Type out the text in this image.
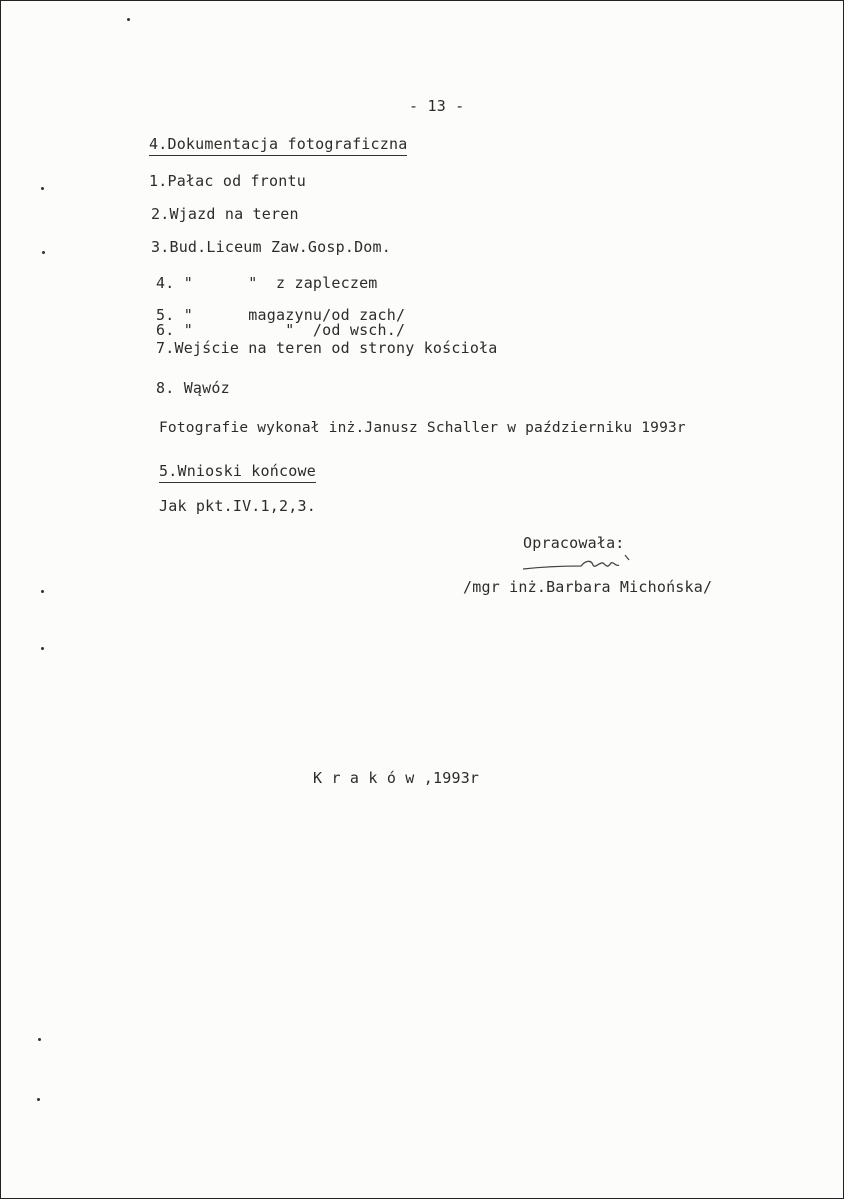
- 13 -
4.Dokumentacja fotograficzna
1.Pałac od frontu
2.Wjazd na teren
3.Bud.Liceum Zaw.Gosp.Dom.
4. "      "  z zapleczem
5. "      magazynu/od zach/
6. "          "  /od wsch./
7.Wejście na teren od strony kościoła
8. Wąwóz
Fotografie wykonał inż.Janusz Schaller w październiku 1993r
5.Wnioski końcowe
Jak pkt.IV.1,2,3.
Opracowała:
/mgr inż.Barbara Michońska/
K r a k ó w ,1993r
